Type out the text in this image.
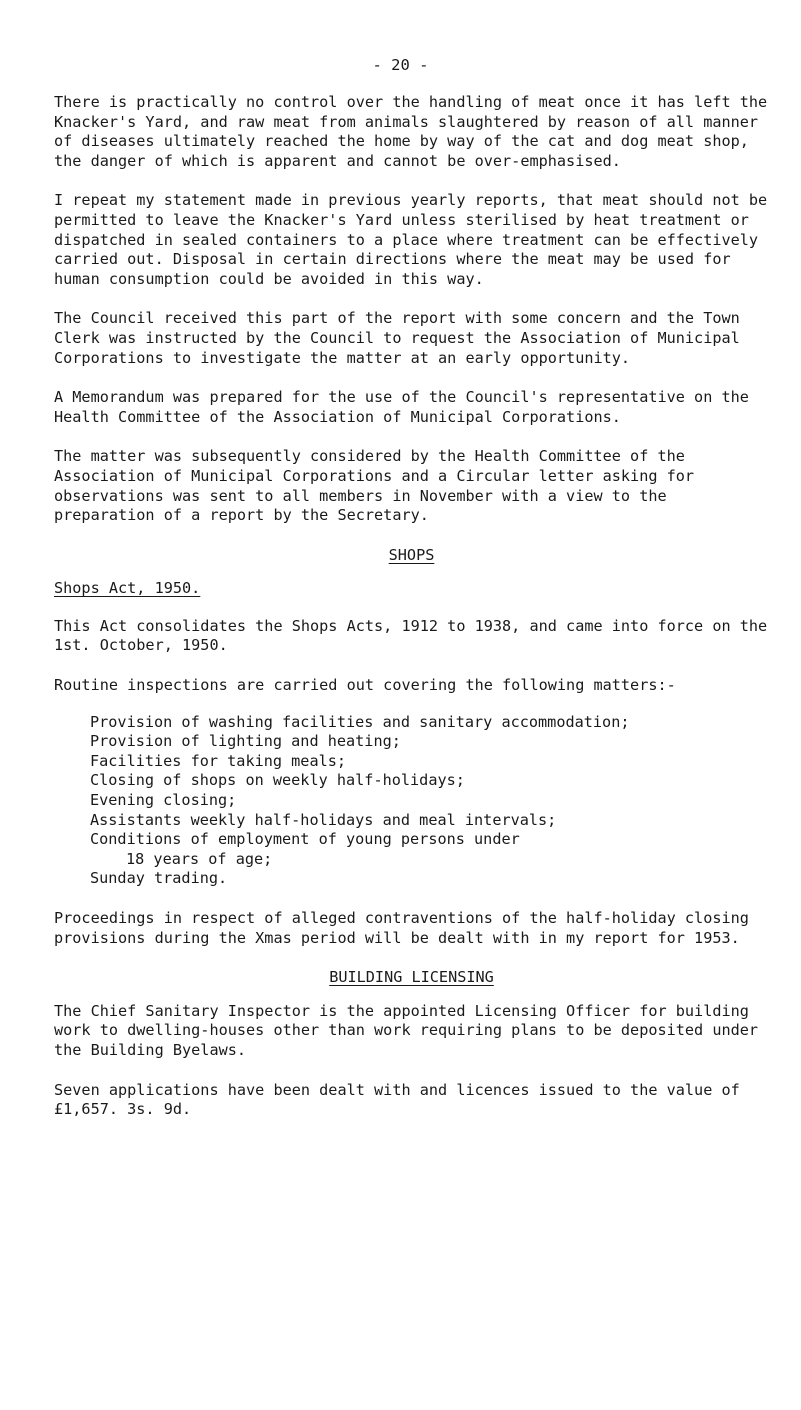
- 20 -

There is practically no control over the handling of meat once it has left the Knacker's Yard, and raw meat from animals slaughtered by reason of all manner of diseases ultimately reached the home by way of the cat and dog meat shop, the danger of which is apparent and cannot be over-emphasised.

I repeat my statement made in previous yearly reports, that meat should not be permitted to leave the Knacker's Yard unless sterilised by heat treatment or dispatched in sealed containers to a place where treatment can be effectively carried out. Disposal in certain directions where the meat may be used for human consumption could be avoided in this way.

The Council received this part of the report with some concern and the Town Clerk was instructed by the Council to request the Association of Municipal Corporations to investigate the matter at an early opportunity.

A Memorandum was prepared for the use of the Council's representative on the Health Committee of the Association of Municipal Corporations.

The matter was subsequently considered by the Health Committee of the Association of Municipal Corporations and a Circular letter asking for observations was sent to all members in November with a view to the preparation of a report by the Secretary.

SHOPS
Shops Act, 1950.

This Act consolidates the Shops Acts, 1912 to 1938, and came into force on the 1st. October, 1950.

Routine inspections are carried out covering the following matters:-

Provision of washing facilities and sanitary accommodation;
Provision of lighting and heating;
Facilities for taking meals;
Closing of shops on weekly half-holidays;
Evening closing;
Assistants weekly half-holidays and meal intervals;
Conditions of employment of young persons under
18 years of age;
Sunday trading.

Proceedings in respect of alleged contraventions of the half-holiday closing provisions during the Xmas period will be dealt with in my report for 1953.

BUILDING LICENSING

The Chief Sanitary Inspector is the appointed Licensing Officer for building work to dwelling-houses other than work requiring plans to be deposited under the Building Byelaws.

Seven applications have been dealt with and licences issued to the value of £1,657. 3s. 9d.
